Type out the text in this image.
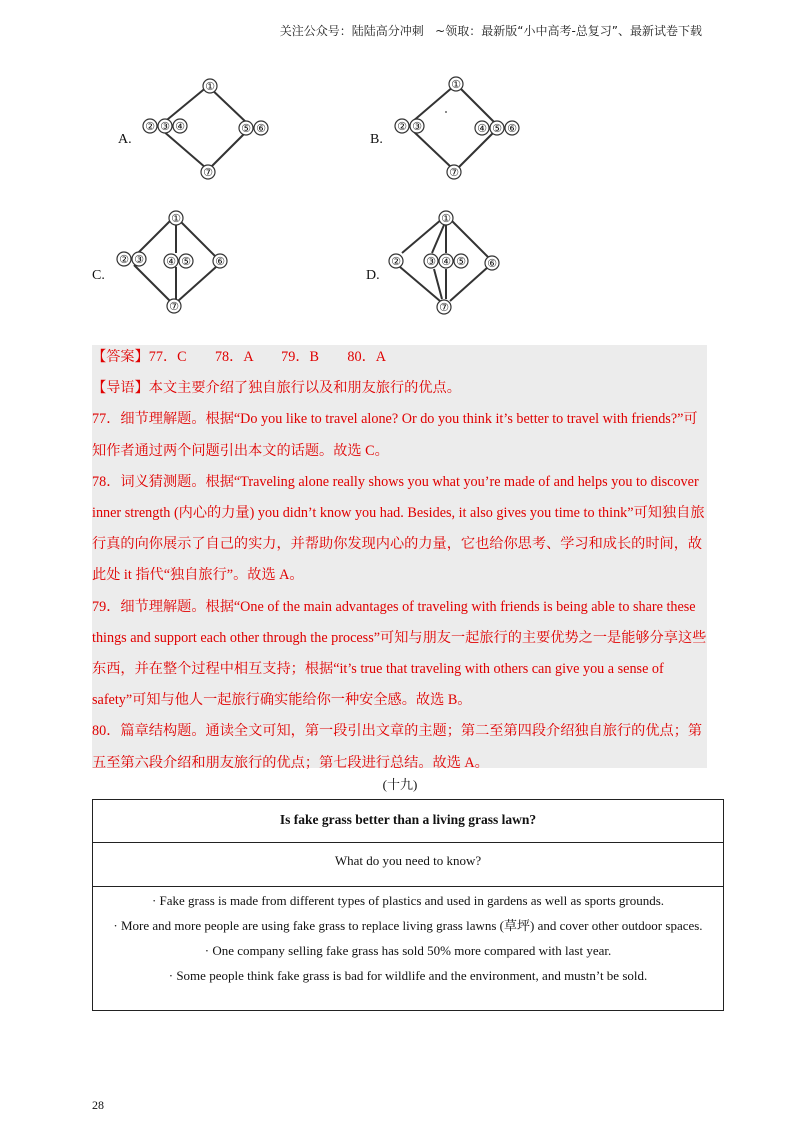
关注公众号：陆陆高分冲刺   ~领取：最新版“小中高考-总复习”、最新试卷下载
A.
①
② ③ ④	⑤ ⑥
⑦
B.
①
② ③	④ ⑤ ⑥
⑦
C.
①
② ③ ④ ⑤ ⑥
⑦
D.
①
② ③ ④ ⑤ ⑥
⑦

【答案】77．C　　78．A　　79．B　　80．A

【导语】本文主要介绍了独自旅行以及和朋友旅行的优点。

77．细节理解题。根据“Do you like to travel alone? Or do you think it’s better to travel with friends?”可

知作者通过两个问题引出本文的话题。故选 C。

78．词义猜测题。根据“Traveling alone really shows you what you’re made of and helps you to discover

inner strength (内心的力量) you didn’t know you had. Besides, it also gives you time to think”可知独自旅

行真的向你展示了自己的实力，并帮助你发现内心的力量，它也给你思考、学习和成长的时间，故

此处 it 指代“独自旅行”。故选 A。

79．细节理解题。根据“One of the main advantages of traveling with friends is being able to share these

things and support each other through the process”可知与朋友一起旅行的主要优势之一是能够分享这些

东西，并在整个过程中相互支持；根据“it’s true that traveling with others can give you a sense of

safety”可知与他人一起旅行确实能给你一种安全感。故选 B。

80．篇章结构题。通读全文可知，第一段引出文章的主题；第二至第四段介绍独自旅行的优点；第

五至第六段介绍和朋友旅行的优点；第七段进行总结。故选 A。

(十九)
Is fake grass better than a living grass lawn?
What do you need to know?

· Fake grass is made from different types of plastics and used in gardens as well as sports grounds.

· More and more people are using fake grass to replace living grass lawns (草坪) and cover other outdoor spaces.

· One company selling fake grass has sold 50% more compared with last year.

· Some people think fake grass is bad for wildlife and the environment, and mustn’t be sold.

28
